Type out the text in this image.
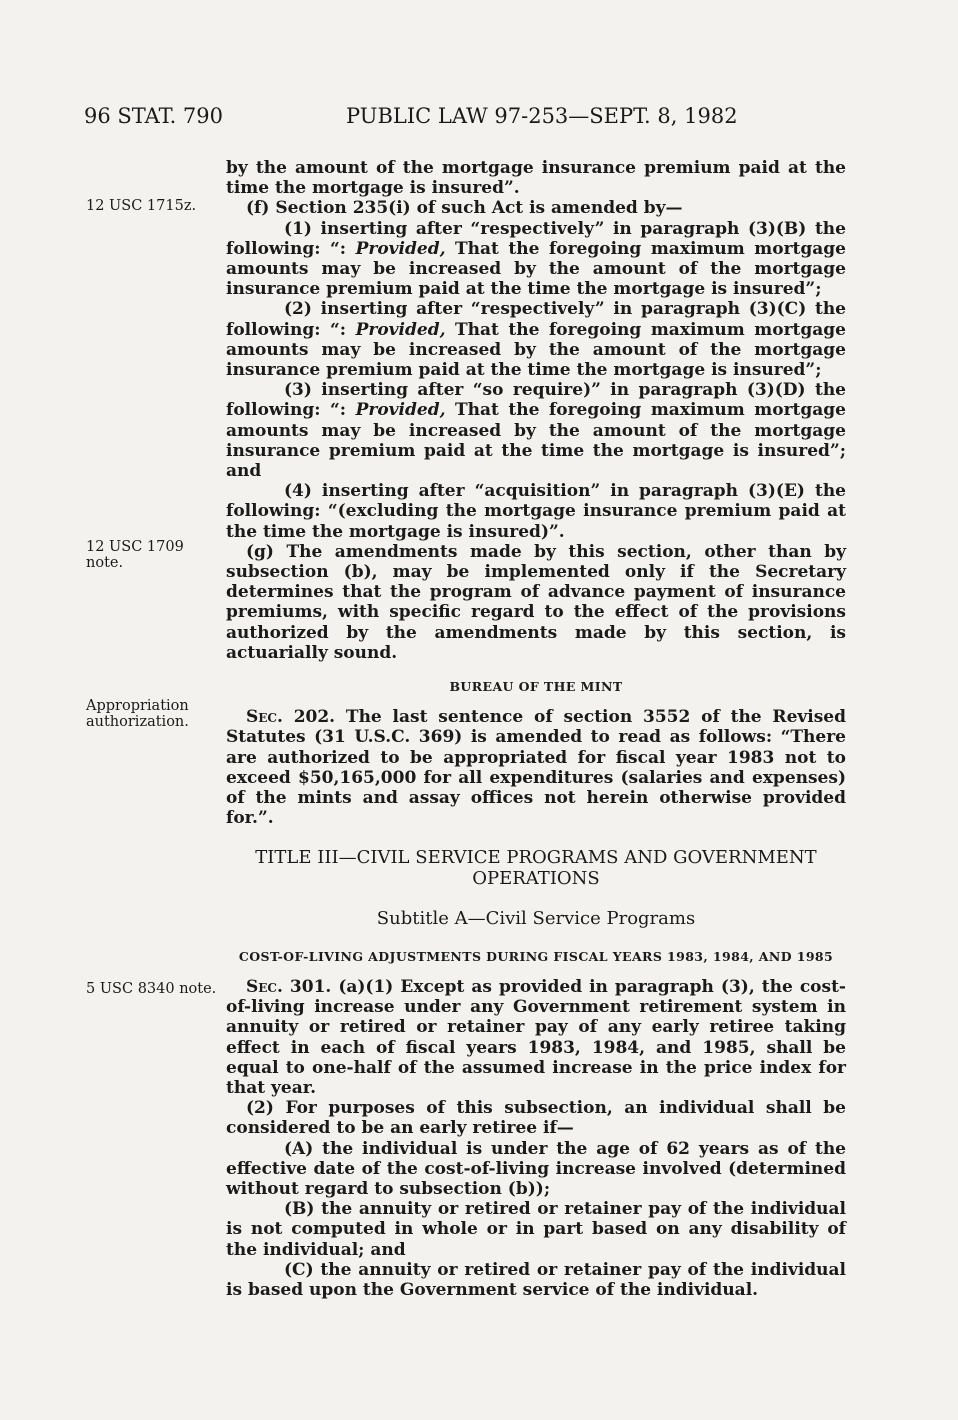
96 STAT. 790	PUBLIC LAW 97-253—SEPT. 8, 1982
12 USC 1715z.
12 USC 1709 note.
Appropriation authorization.
5 USC 8340 note.

by the amount of the mortgage insurance premium paid at the time the mortgage is insured”.

(f) Section 235(i) of such Act is amended by—

(1) inserting after “respectively” in paragraph (3)(B) the following: “: Provided, That the foregoing maximum mortgage amounts may be increased by the amount of the mortgage insurance premium paid at the time the mortgage is insured”;

(2) inserting after “respectively” in paragraph (3)(C) the following: “: Provided, That the foregoing maximum mortgage amounts may be increased by the amount of the mortgage insurance premium paid at the time the mortgage is insured”;

(3) inserting after “so require)” in paragraph (3)(D) the following: “: Provided, That the foregoing maximum mortgage amounts may be increased by the amount of the mortgage insurance premium paid at the time the mortgage is insured”; and

(4) inserting after “acquisition” in paragraph (3)(E) the following: “(excluding the mortgage insurance premium paid at the time the mortgage is insured)”.

(g) The amendments made by this section, other than by subsection (b), may be implemented only if the Secretary determines that the program of advance payment of insurance premiums, with specific regard to the effect of the provisions authorized by the amendments made by this section, is actuarially sound.

BUREAU OF THE MINT

Sec. 202. The last sentence of section 3552 of the Revised Statutes (31 U.S.C. 369) is amended to read as follows: “There are authorized to be appropriated for fiscal year 1983 not to exceed $50,165,000 for all expenditures (salaries and expenses) of the mints and assay offices not herein otherwise provided for.”.

TITLE III—CIVIL SERVICE PROGRAMS AND GOVERNMENT OPERATIONS

Subtitle A—Civil Service Programs

COST-OF-LIVING ADJUSTMENTS DURING FISCAL YEARS 1983, 1984, AND 1985

Sec. 301. (a)(1) Except as provided in paragraph (3), the cost-of-living increase under any Government retirement system in annuity or retired or retainer pay of any early retiree taking effect in each of fiscal years 1983, 1984, and 1985, shall be equal to one-half of the assumed increase in the price index for that year.

(2) For purposes of this subsection, an individual shall be considered to be an early retiree if—

(A) the individual is under the age of 62 years as of the effective date of the cost-of-living increase involved (determined without regard to subsection (b));

(B) the annuity or retired or retainer pay of the individual is not computed in whole or in part based on any disability of the individual; and

(C) the annuity or retired or retainer pay of the individual is based upon the Government service of the individual.
